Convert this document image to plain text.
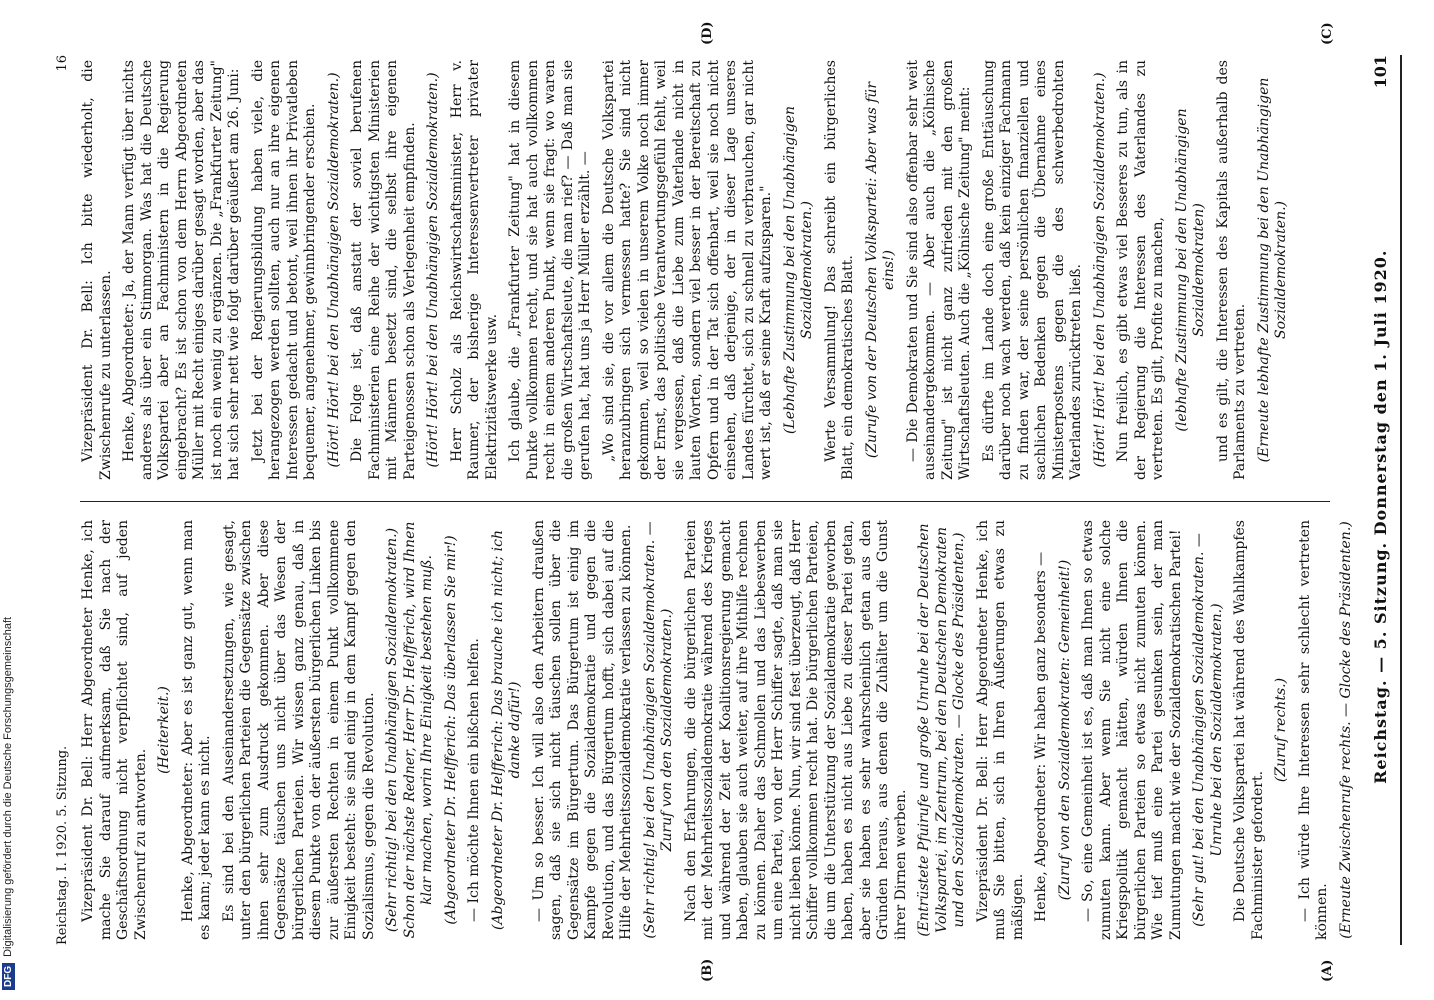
Reichstag. — 5. Sitzung. Donnerstag den 1. Juli 1920.
101
(A)
(B)
(C)
(D)

Vizepräsident Dr. Bell: Herr Abgeordneter Henke, ich mache Sie darauf aufmerksam, daß Sie nach der Geschäftsordnung nicht verpflichtet sind, auf jeden Zwischenruf zu antworten.

(Heiterkeit.) Henke, Abgeordneter: Aber es ist ganz gut, wenn man es kann; jeder kann es nicht. Es sind bei den Auseinandersetzungen, wie gesagt, unter den bürgerlichen Parteien die Gegensätze zwischen ihnen sehr zum Ausdruck gekommen. Aber diese Gegensätze täuschen uns nicht über das Wesen der bürgerlichen Parteien. Wir wissen ganz genau, daß in diesem Punkte von der äußersten bürgerlichen Linken bis zur äußersten Rechten in einem Punkt vollkommene Einigkeit besteht: sie sind einig in dem Kampf gegen den Sozialismus, gegen die Revolution. (Sehr richtig! bei den Unabhängigen Sozialdemokraten.) Schon der nächste Redner, Herr Dr. Helfferich, wird Ihnen klar machen, worin Ihre Einigkeit bestehen muß. (Abgeordneter Dr. Helfferich: Das überlassen Sie mir!) — Ich möchte Ihnen ein bißchen helfen. (Abgeordneter Dr. Helfferich: Das brauche ich nicht; ich danke dafür!) — Um so besser. Ich will also den Arbeitern draußen sagen, daß sie sich nicht täuschen sollen über die Gegensätze im Bürgertum. Das Bürgertum ist einig im Kampfe gegen die Sozialdemokratie und gegen die Revolution, und das Bürgertum hofft, sich dabei auf die Hilfe der Mehrheitssozialdemokratie verlassen zu können. (Sehr richtig! bei den Unabhängigen Sozialdemokraten. — Zuruf von den Sozialdemokraten.) Nach den Erfahrungen, die die bürgerlichen Parteien mit der Mehrheitssozialdemokratie während des Krieges und während der Zeit der Koalitionsregierung gemacht haben, glauben sie auch weiter, auf ihre Mithilfe rechnen zu können. Daher das Schmollen und das Liebeswerben um eine Partei, von der Herr Schiffer sagte, daß man sie nicht lieben könne. Nun, wir sind fest überzeugt, daß Herr Schiffer vollkommen recht hat. Die bürgerlichen Parteien, die um die Unterstützung der Sozialdemokratie geworben haben, haben es nicht aus Liebe zu dieser Partei getan, aber sie haben es sehr wahrscheinlich getan aus den Gründen heraus, aus denen die Zuhälter um die Gunst ihrer Dirnen werben. (Entrüstete Pfuirufe und große Unruhe bei der Deutschen Volkspartei, im Zentrum, bei den Deutschen Demokraten und den Sozialdemokraten. — Glocke des Präsidenten.) Vizepräsident Dr. Bell: Herr Abgeordneter Henke, ich muß Sie bitten, sich in Ihren Äußerungen etwas zu mäßigen. Henke, Abgeordneter: Wir haben ganz besonders — (Zuruf von den Sozialdemokraten: Gemeinheit!) — So, eine Gemeinheit ist es, daß man Ihnen so etwas zumuten kann. Aber wenn Sie nicht eine solche Kriegspolitik gemacht hätten, würden Ihnen die bürgerlichen Parteien so etwas nicht zumuten können. Wie tief muß eine Partei gesunken sein, der man Zumutungen macht wie der Sozialdemokratischen Partei! (Sehr gut! bei den Unabhängigen Sozialdemokraten. — Unruhe bei den Sozialdemokraten.) Die Deutsche Volkspartei hat während des Wahlkampfes Fachminister gefordert.

(Zuruf rechts.) — Ich würde Ihre Interessen sehr schlecht vertreten können. (Erneute Zwischenrufe rechts. — Glocke des Präsidenten.)

Vizepräsident Dr. Bell: Ich bitte wiederholt, die Zwischenrufe zu unterlassen. Henke, Abgeordneter: Ja, der Mann verfügt über nichts anderes als über ein Stimmorgan. Was hat die Deutsche Volkspartei aber an Fachministern in die Regierung eingebracht? Es ist schon von dem Herrn Abgeordneten Müller mit Recht einiges darüber gesagt worden, aber das ist noch ein wenig zu ergänzen. Die „Frankfurter Zeitung" hat sich sehr nett wie folgt darüber geäußert am 26. Juni: Jetzt bei der Regierungsbildung haben viele, die herangezogen werden sollten, auch nur an ihre eigenen Interessen gedacht und betont, weil ihnen ihr Privatleben bequemer, angenehmer, gewinnbringender erschien. (Hört! Hört! bei den Unabhängigen Sozialdemokraten.) Die Folge ist, daß anstatt der soviel berufenen Fachministerien eine Reihe der wichtigsten Ministerien mit Männern besetzt sind, die selbst ihre eigenen Parteigenossen schon als Verlegenheit empfinden. (Hört! Hört! bei den Unabhängigen Sozialdemokraten.) Herr Scholz als Reichswirtschaftsminister, Herr v. Raumer, der bisherige Interessenvertreter privater Elektrizitätswerke usw. Ich glaube, die „Frankfurter Zeitung" hat in diesem Punkte vollkommen recht, und sie hat auch vollkommen recht in einem anderen Punkt, wenn sie fragt: wo waren die großen Wirtschaftsleute, die man rief? — Daß man sie gerufen hat, hat uns ja Herr Müller erzählt. — „Wo sind sie, die vor allem die Deutsche Volkspartei heranzubringen sich vermessen hatte? Sie sind nicht gekommen, weil so vielen in unserem Volke noch immer der Ernst, das politische Verantwortungsgefühl fehlt, weil sie vergessen, daß die Liebe zum Vaterlande nicht in lauten Worten, sondern viel besser in der Bereitschaft zu Opfern und in der Tat sich offenbart, weil sie noch nicht einsehen, daß derjenige, der in dieser Lage unseres Landes fürchtet, sich zu schnell zu verbrauchen, gar nicht wert ist, daß er seine Kraft aufzusparen." (Lebhafte Zustimmung bei den Unabhängigen Sozialdemokraten.) Werte Versammlung! Das schreibt ein bürgerliches Blatt, ein demokratisches Blatt. (Zurufe von der Deutschen Volkspartei: Aber was für eins!) — Die Demokraten und Sie sind also offenbar sehr weit auseinandergekommen. — Aber auch die „Kölnische Zeitung" ist nicht ganz zufrieden mit den großen Wirtschaftsleuten. Auch die „Kölnische Zeitung" meint: Es dürfte im Lande doch eine große Enttäuschung darüber noch wach werden, daß kein einziger Fachmann zu finden war, der seine persönlichen finanziellen und sachlichen Bedenken gegen die Übernahme eines Ministerpostens gegen die des schwerbedrohten Vaterlandes zurücktreten ließ. (Hört! Hört! bei den Unabhängigen Sozialdemokraten.) Nun freilich, es gibt etwas viel Besseres zu tun, als in der Regierung die Interessen des Vaterlandes zu vertreten. Es gilt, Profite zu machen, (lebhafte Zustimmung bei den Unabhängigen Sozialdemokraten) und es gilt, die Interessen des Kapitals außerhalb des Parlaments zu vertreten. (Erneute lebhafte Zustimmung bei den Unabhängigen Sozialdemokraten.)

Reichstag. I. 1920. 5. Sitzung.
16
DFGDigitalisierung gefördert durch die Deutsche Forschungsgemeinschaft
